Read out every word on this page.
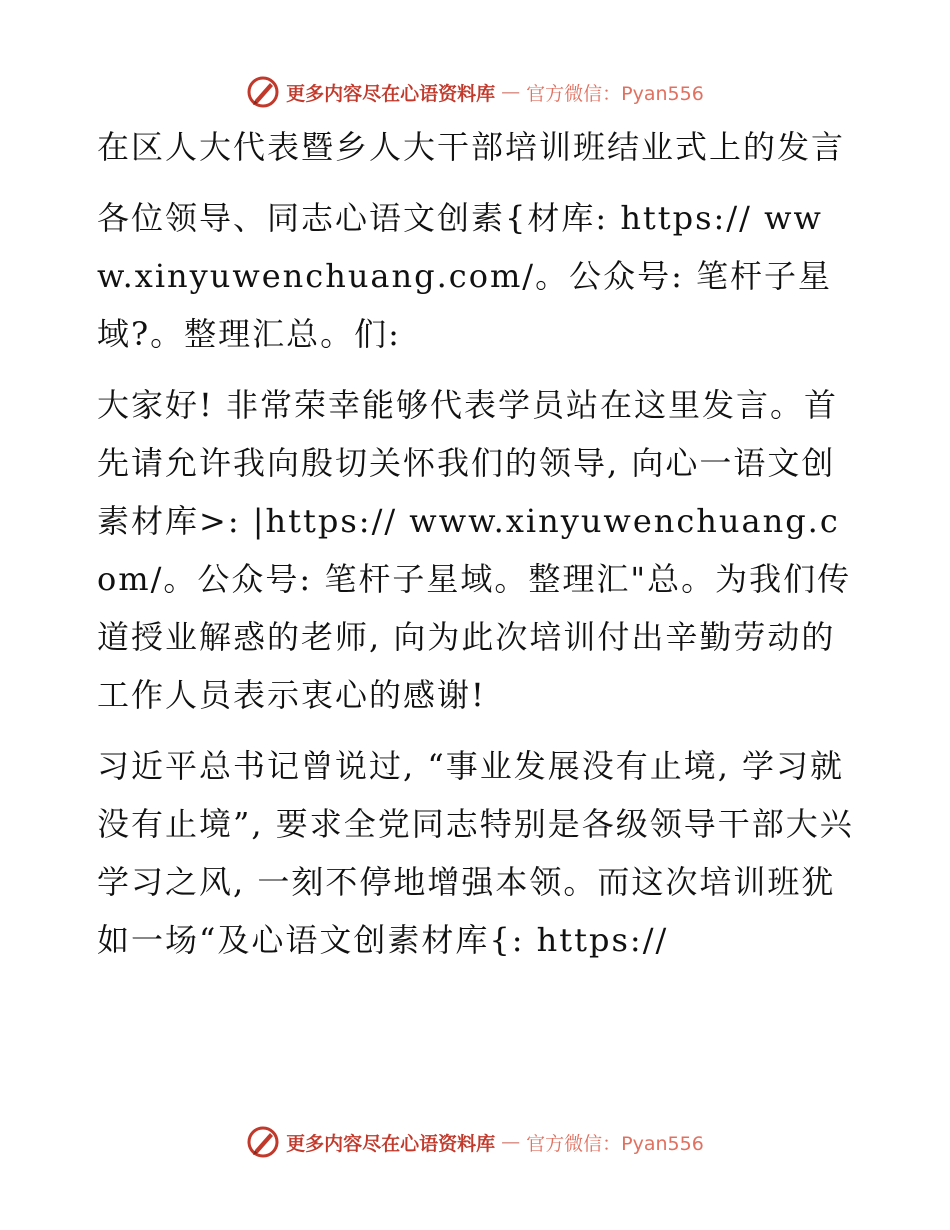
更多内容尽在心语资料库 — 官方微信：Pyan556

在区人大代表暨乡人大干部培训班结业式上的发言

各位领导、同志心语文创素{材库: https:// www.xinyuwenchuang.com/。公众号: 笔杆子星域?。整理汇总。们:

大家好! 非常荣幸能够代表学员站在这里发言。首先请允许我向殷切关怀我们的领导, 向心一语文创素材库>: |https:// www.xinyuwenchuang.com/。公众号: 笔杆子星域。整理汇"总。为我们传道授业解惑的老师, 向为此次培训付出辛勤劳动的工作人员表示衷心的感谢!

习近平总书记曾说过, “事业发展没有止境, 学习就没有止境”, 要求全党同志特别是各级领导干部大兴学习之风, 一刻不停地增强本领。而这次培训班犹如一场“及心语文创素材库{: https://

更多内容尽在心语资料库 — 官方微信：Pyan556
